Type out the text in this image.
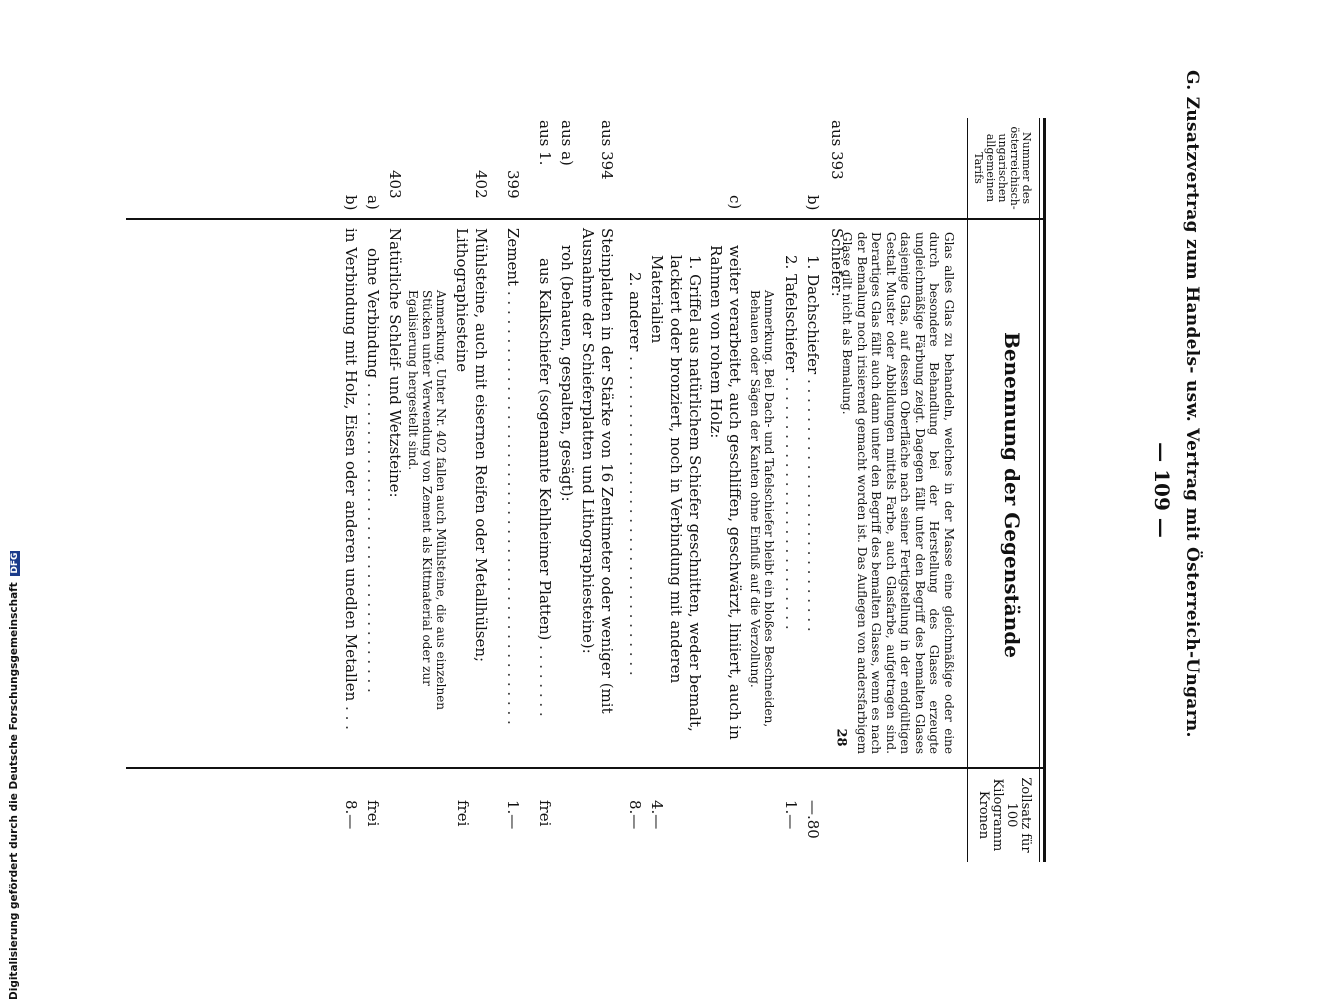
G. Zusatzvertrag zum Handels- usw. Vertrag mit Österreich-Ungarn.
— 109 —
Nummer des österreichisch-ungarischen allgemeinen Tarifs
Benennung der Gegenstände
Zollsatz für 100 Kilogramm Kronen
Glas alles Glas zu behandeln, welches in der Masse eine gleichmäßige oder eine durch besondere Behandlung bei der Herstellung des Glases erzeugte ungleichmäßige Färbung zeigt. Dagegen fällt unter den Begriff des bemalten Glases dasjenige Glas, auf dessen Oberfläche nach seiner Fertigstellung in der endgültigen Gestalt Muster oder Abbildungen mittels Farbe, auch Glasfarbe, aufgetragen sind. Derartiges Glas fällt auch dann unter den Begriff des bemalten Glases, wenn es nach der Bemalung noch irisierend gemacht worden ist. Das Auflegen von andersfarbigem Glase gilt nicht als Bemalung.
aus 393
Schiefer:
b)
1. Dachschiefer . . . . . . . . . . . . . . . . . . . . . . . . . . .
—.80
2. Tafelschiefer . . . . . . . . . . . . . . . . . . . . . . . . . . .
1.—
Anmerkung. Bei Dach- und Tafelschiefer bleibt ein bloßes Beschneiden, Behauen oder Sägen der Kanten ohne Einfluß auf die Verzollung.
c)
weiter verarbeitet, auch geschliffen, geschwärzt, liniiert, auch in Rahmen von rohem Holz:
1. Griffel aus natürlichem Schiefer geschnitten, weder bemalt, lackiert oder bronziert, noch in Verbindung mit anderen Materialien
4.—
2. anderer . . . . . . . . . . . . . . . . . . . . . . . . . . . . . . . . . .
8.—
aus 394
Steinplatten in der Stärke von 16 Zentimeter oder weniger (mit Ausnahme der Schieferplatten und Lithographiesteine):
aus a)
roh (behauen, gespalten, gesägt):
aus 1.
aus Kalkschiefer (sogenannte Kehlheimer Platten) . . . . . . . .
frei
399
Zement . . . . . . . . . . . . . . . . . . . . . . . . . . . . . . . . . . . . . . . . . . . . . .
1.—
402
Mühlsteine, auch mit eisernen Reifen oder Metallhülsen; Lithographiesteine
frei
Anmerkung. Unter Nr. 402 fallen auch Mühlsteine, die aus einzelnen Stücken unter Verwendung von Zement als Kittmaterial oder zur Egalisierung hergestellt sind.
403
Natürliche Schleif- und Wetzsteine:
a)
ohne Verbindung . . . . . . . . . . . . . . . . . . . . . . . . . . . . . . . . .
frei
b)
in Verbindung mit Holz, Eisen oder anderen unedlen Metallen . . .
8.—
28
Digitalisierung gefördert durch die Deutsche Forschungsgemeinschaft DFG
